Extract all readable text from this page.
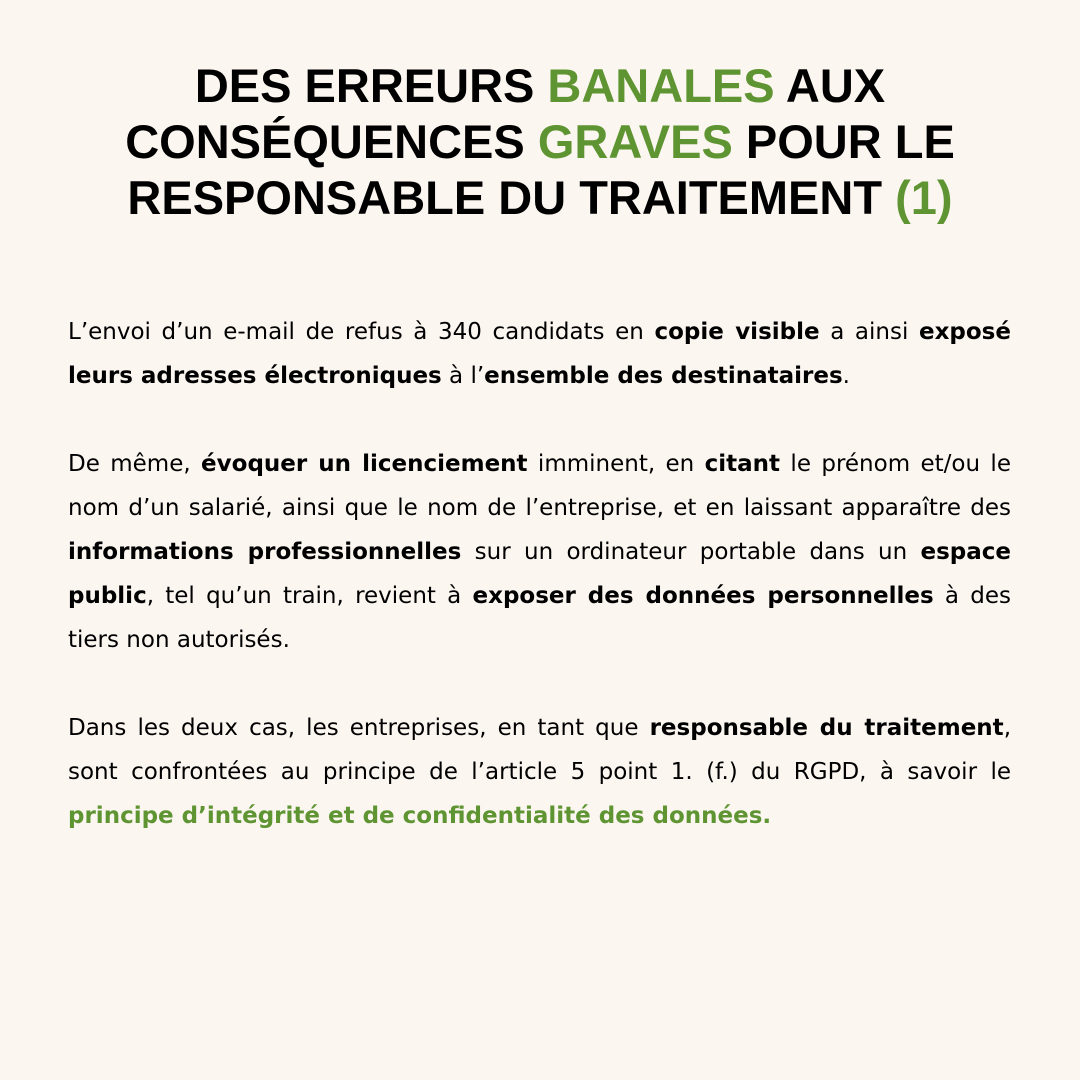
DES ERREURS BANALES AUX CONSÉQUENCES GRAVES POUR LE RESPONSABLE DU TRAITEMENT (1)

L’envoi d’un e-mail de refus à 340 candidats en copie visible a ainsi exposé leurs adresses électroniques à l’ensemble des destinataires.

De même, évoquer un licenciement imminent, en citant le prénom et/ou le nom d’un salarié, ainsi que le nom de l’entreprise, et en laissant apparaître des informations professionnelles sur un ordinateur portable dans un espace public, tel qu’un train, revient à exposer des données personnelles à des tiers non autorisés.

Dans les deux cas, les entreprises, en tant que responsable du traitement, sont confrontées au principe de l’article 5 point 1. (f.) du RGPD, à savoir le principe d’intégrité et de confidentialité des données.
